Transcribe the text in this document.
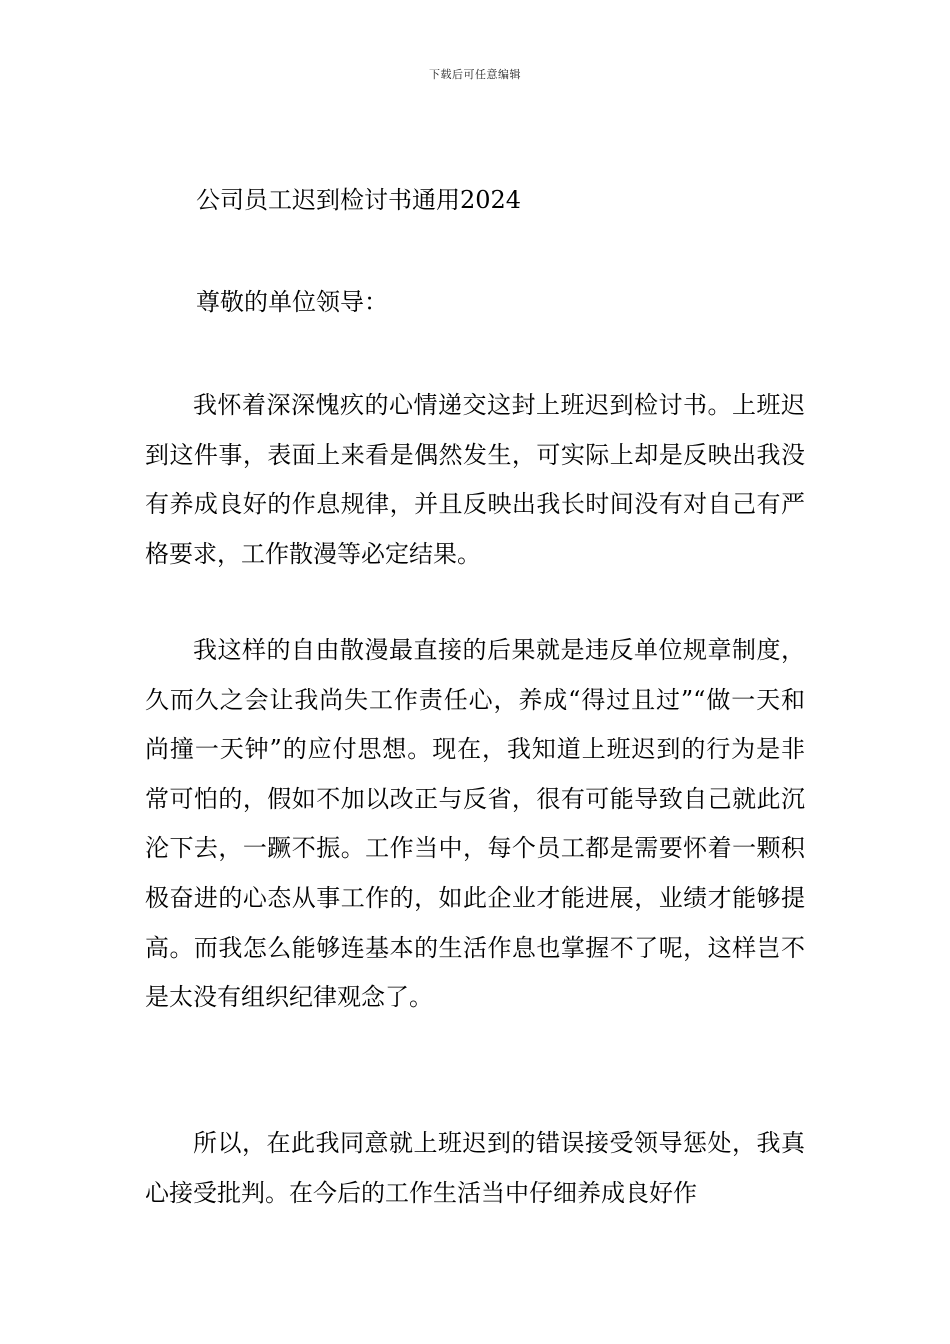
下载后可任意编辑
公司员工迟到检讨书通用2024
尊敬的单位领导：

我怀着深深愧疚的心情递交这封上班迟到检讨书。上班迟到这件事，表面上来看是偶然发生，可实际上却是反映出我没有养成良好的作息规律，并且反映出我长时间没有对自己有严格要求，工作散漫等必定结果。

我这样的自由散漫最直接的后果就是违反单位规章制度，久而久之会让我尚失工作责任心，养成“得过且过”“做一天和尚撞一天钟”的应付思想。现在，我知道上班迟到的行为是非常可怕的，假如不加以改正与反省，很有可能导致自己就此沉沦下去，一蹶不振。工作当中，每个员工都是需要怀着一颗积极奋进的心态从事工作的，如此企业才能进展，业绩才能够提高。而我怎么能够连基本的生活作息也掌握不了呢，这样岂不是太没有组织纪律观念了。

所以，在此我同意就上班迟到的错误接受领导惩处，我真心接受批判。在今后的工作生活当中仔细养成良好作
